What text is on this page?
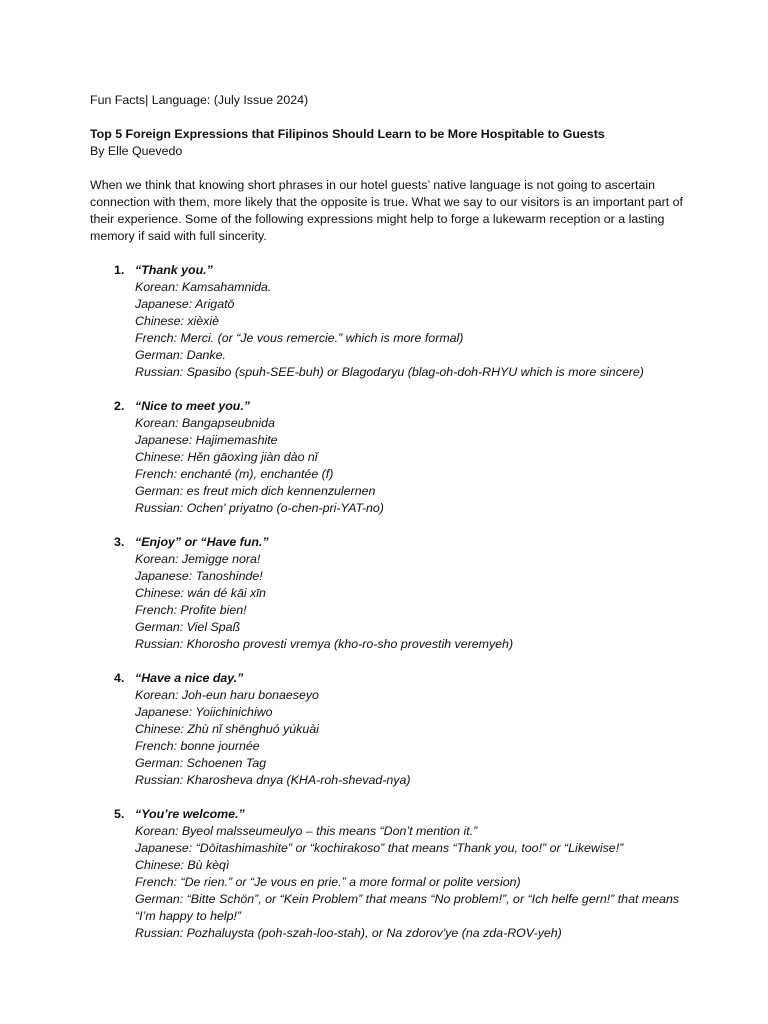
Fun Facts| Language: (July Issue 2024)

Top 5 Foreign Expressions that Filipinos Should Learn to be More Hospitable to Guests

By Elle Quevedo

When we think that knowing short phrases in our hotel guests’ native language is not going to ascertain connection with them, more likely that the opposite is true. What we say to our visitors is an important part of their experience. Some of the following expressions might help to forge a lukewarm reception or a lasting memory if said with full sincerity.

1. “Thank you.”
Korean: Kamsahamnida.
Japanese: Arigatō
Chinese: xièxiè
French: Merci. (or “Je vous remercie.” which is more formal)
German: Danke.
Russian: Spasibo (spuh-SEE-buh) or Blagodaryu (blag-oh-doh-RHYU which is more sincere)
2. “Nice to meet you.”
Korean: Bangapseubnida
Japanese: Hajimemashite
Chinese: Hěn gāoxìng jiàn dào nǐ
French: enchanté (m), enchantée (f)
German: es freut mich dich kennenzulernen
Russian: Ochen' priyatno (o-chen-pri-YAT-no)
3. “Enjoy” or “Have fun.”
Korean: Jemigge nora!
Japanese: Tanoshinde!
Chinese: wán dé kāi xīn
French: Profite bien!
German: Viel Spaß
Russian: Khorosho provesti vremya (kho-ro-sho provestih veremyeh)
4. “Have a nice day.”
Korean: Joh-eun haru bonaeseyo
Japanese: Yoiichinichiwo
Chinese: Zhù nǐ shēnghuó yúkuài
French: bonne journée
German: Schoenen Tag
Russian: Kharosheva dnya (KHA-roh-shevad-nya)
5. “You’re welcome.”
Korean: Byeol malsseumeulyo – this means “Don’t mention it.”
Japanese: “Dōitashimashite” or “kochirakoso” that means “Thank you, too!” or “Likewise!”
Chinese: Bù kèqì
French: “De rien.” or “Je vous en prie.” a more formal or polite version)
German: “Bitte Schön”, or “Kein Problem” that means “No problem!”, or “Ich helfe gern!” that means “I’m happy to help!”
Russian: Pozhaluysta (poh-szah-loo-stah), or Na zdorov'ye (na zda-ROV-yeh)
